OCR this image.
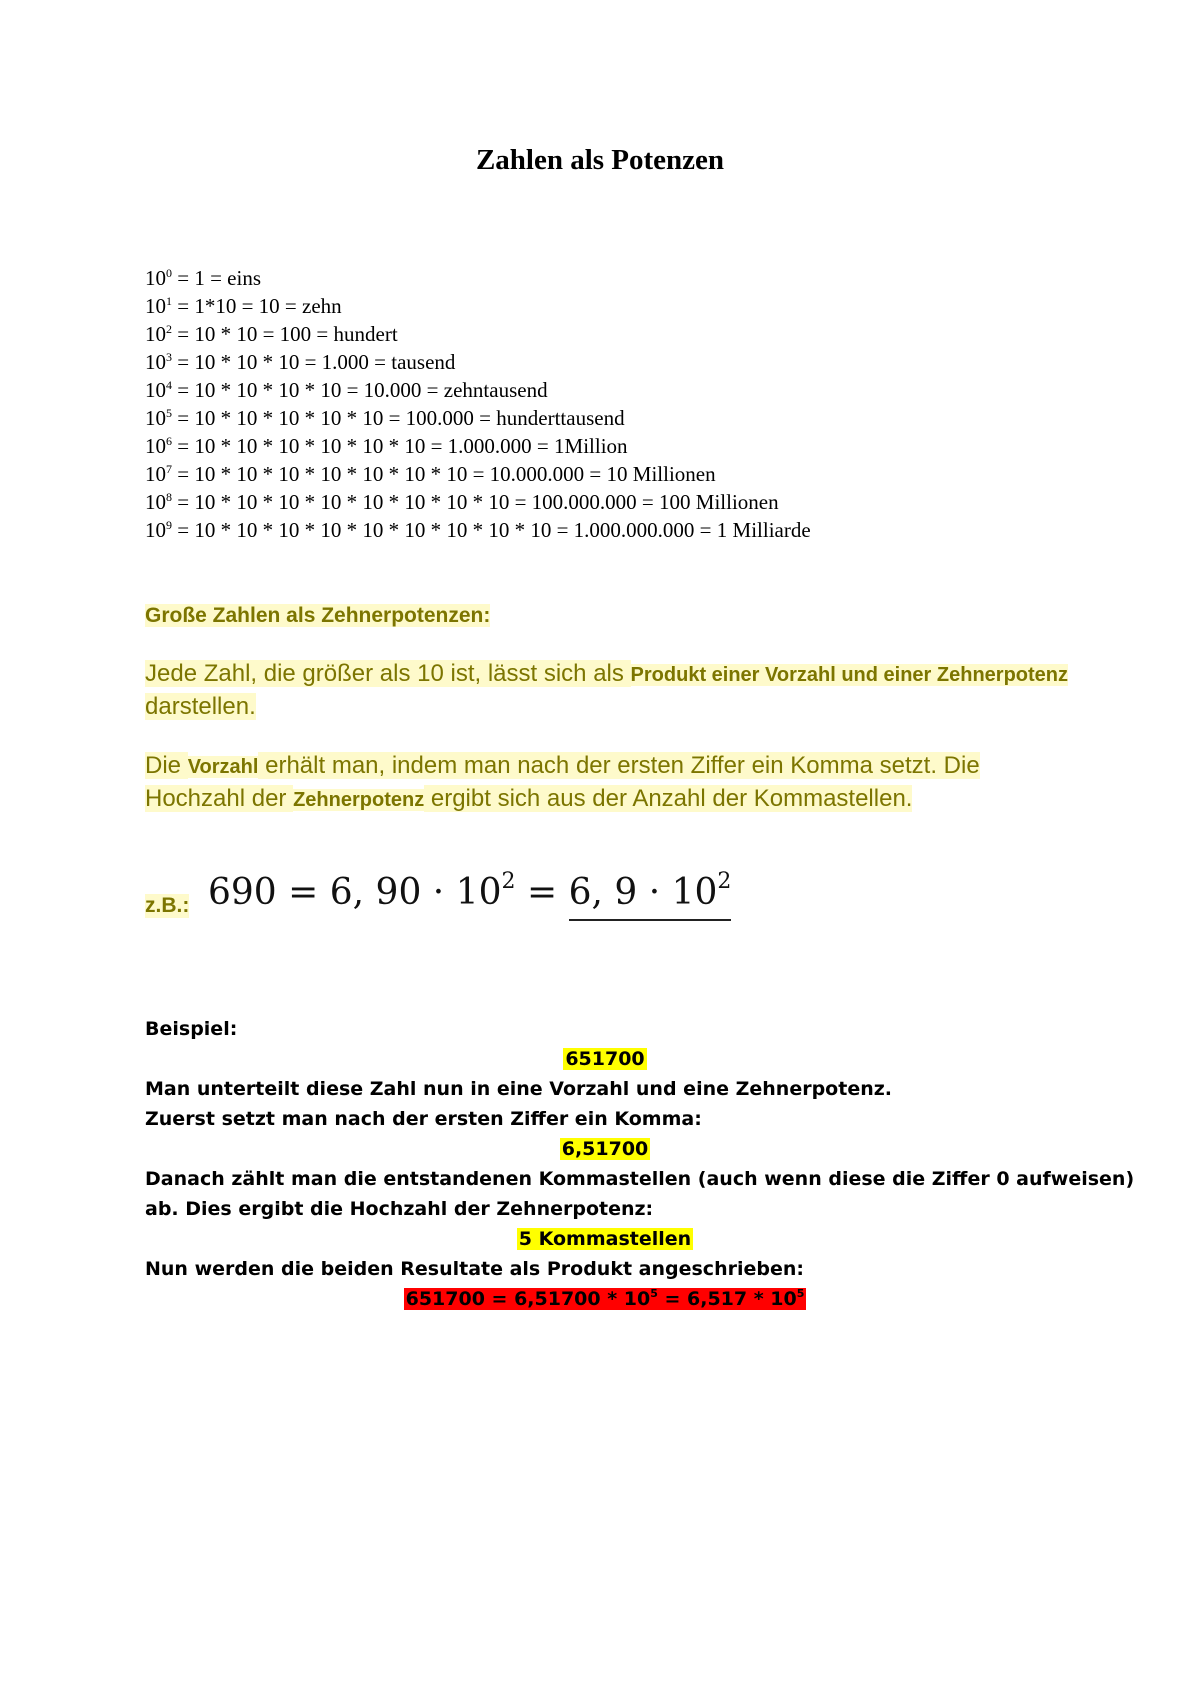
Zahlen als Potenzen
$10^0 = 1$ = eins
$10^1 = 1*10 = 10$ = zehn
$10^2 = 10 * 10 = 100$ = hundert
$10^3 = 10 * 10 * 10 = 1.000$ = tausend
$10^4 = 10 * 10 * 10 * 10 = 10.000$ = zehntausend
$10^5 = 10 * 10 * 10 * 10 * 10 = 100.000$ = hunderttausend
$10^6 = 10 * 10 * 10 * 10 * 10 * 10 = 1.000.000$ = 1Million
$10^7 = 10 * 10 * 10 * 10 * 10 * 10 * 10 = 10.000.000 = 10$ Millionen
$10^8 = 10 * 10 * 10 * 10 * 10 * 10 * 10 * 10 = 100.000.000 = 100$ Millionen
$10^9 = 10 * 10 * 10 * 10 * 10 * 10 * 10 * 10 * 10 = 1.000.000.000 = 1$ Milliarde
Große Zahlen als Zehnerpotenzen:
Jede Zahl, die größer als 10 ist, lässt sich als Produkt einer Vorzahl und einer Zehnerpotenz darstellen.
Die Vorzahl erhält man, indem man nach der ersten Ziffer ein Komma setzt. Die Hochzahl der Zehnerpotenz ergibt sich aus der Anzahl der Kommastellen.
z.B.: 690 = 6, $90 \cdot 10^2 = 6$, $9 \cdot 10^2$
Beispiel:
651700
Man unterteilt diese Zahl nun in eine Vorzahl und eine Zehnerpotenz.
Zuerst setzt man nach der ersten Ziffer ein Komma:
6,51700
Danach zählt man die entstandenen Kommastellen (auch wenn diese die Ziffer 0 aufweisen)
ab. Dies ergibt die Hochzahl der Zehnerpotenz:
5 Kommastellen
Nun werden die beiden Resultate als Produkt angeschrieben:
$651700 = 6,51700 * 10^5 = 6,517 * 10^5$
